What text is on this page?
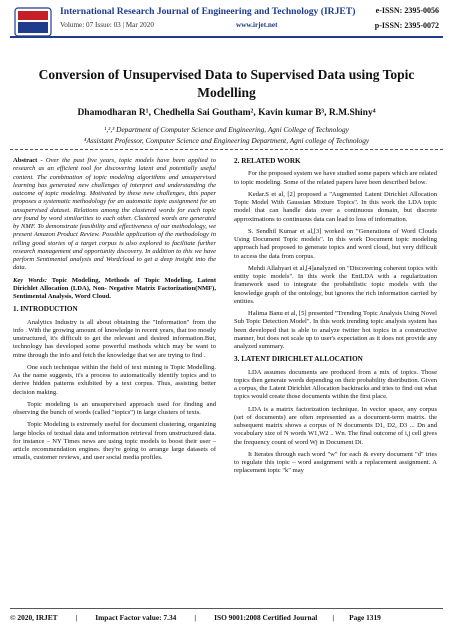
International Research Journal of Engineering and Technology (IRJET)
Volume: 07 Issue: 03 | Mar 2020	www.irjet.net
e-ISSN: 2395-0056
p-ISSN: 2395-0072
Conversion of Unsupervised Data to Supervised Data using Topic Modelling
Dhamodharan R¹, Chedhella Sai Goutham², Kavin kumar B³, R.M.Shiny⁴
¹,²,³ Department of Computer Science and Engineering, Agni College of Technology
⁴Assistant Professor, Computer Science and Engineering Department, Agni college of Technology

Abstract - Over the past five years, topic models have been applied to research as an efficient tool for discovering latent and potentially useful content. The combination of topic modeling algorithms and unsupervised learning has generated new challenges of interpret and understanding the outcome of topic modeling. Motivated by these new challenges, this paper proposes a systematic methodology for an automatic topic assignment for an unsupervised dataset. Relations among the clustered words for each topic are found by word similarities to each other. Clustered words are generated by NMF. To demonstrate feasibility and effectiveness of our methodology, we present Amazon Product Review. Possible application of the methodology in telling good stories of a target corpus is also explored to facilitate further research management and opportunity discovery. In addition to this we have perform Sentimental analysis and Wordcloud to get a deep insight into the data.

Key Words: Topic Modeling, Methods of Topic Modeling, Latent Dirichlet Allocation (LDA), Non- Negative Matrix Factorization(NMF), Sentimental Analysis, Word Cloud.

1. INTRODUCTION

Analytics Industry is all about obtaining the "Information" from the info . With the growing amount of knowledge in recent years, that too mostly unstructured, it's difficult to get the relevant and desired information.But, technology has developed some powerful methods which may be want to mine through the info and fetch the knowledge that we are trying to find .

One such technique within the field of text mining is Topic Modelling. As the name suggests, it's a process to automatically identify topics and to derive hidden patterns exhibited by a text corpus. Thus, assisting better decision making.

Topic modeling is an unsupervised approach used for finding and observing the bunch of words (called "topics") in large clusters of texts.

Topic Modeling is extremely useful for document clustering, organizing large blocks of textual data and information retrieval from unstructured data. for instance – NY Times news are using topic models to boost their user – article recommendation engines. they're going to arrange large datasets of emails, customer reviews, and user social media profiles.

2. RELATED WORK

For the proposed system we have studied some papers which are related to topic modeling. Some of the related papers have been described below.

Kedar.S et al, [2] proposed a "Augmented Latent Dirichlet Allocation Topic Model With Gaussian Mixture Topics". In this work the LDA topic model that can handle data over a continuous domain, but discrete approximations to continuous data can lead to loss of information.

S. Sendhil Kumar et al,[3] worked on "Generations of Word Clouds Using Document Topic models". In this work Document topic modeling approach had proposed to generate topics and word cloud, but very difficult to access the data from corpus.

Mehdi Allahyari et al,[4]analyzed on "Discovering coherent topics with entity topic models". In this work the EntLDA with a regularization framework used to integrate the probabilistic topic models with the knowledge graph of the ontology, but ignores the rich information carried by entities.

Halima Banu et al, [5] presented "Trending Topic Analysis Using Novel Sub Topic Detection Model". In this work trending topic analysis system has been developed that is able to analyze twitter hot topics in a constructive manner, but does not scale up to user's expectation as it does not provide any analyzed summary.

3. LATENT DIRICHLET ALLOCATION

LDA assumes documents are produced from a mix of topics. Those topics then generate words depending on their probability distribution. Given a corpus, the Latent Dirichlet Allocation backtracks and tries to find out what topics would create those documents within the first place.

LDA is a matrix factorization technique. In vector space, any corpus (set of documents) are often represented as a document-term matrix. the subsequent matrix shows a corpus of N documents D1, D2, D3 ... Dn and vocabulary size of N words W1,W2 .. Wn. The final outcome of i,j cell gives the frequency count of word Wj in Document Di.

It Iterates through each word "w" for each & every document "d" tries to regulate this topic – word assignment with a replacement assignment. A replacement topic "k" may

© 2020, IRJET | Impact Factor value: 7.34 | ISO 9001:2008 Certified Journal | Page 1319
